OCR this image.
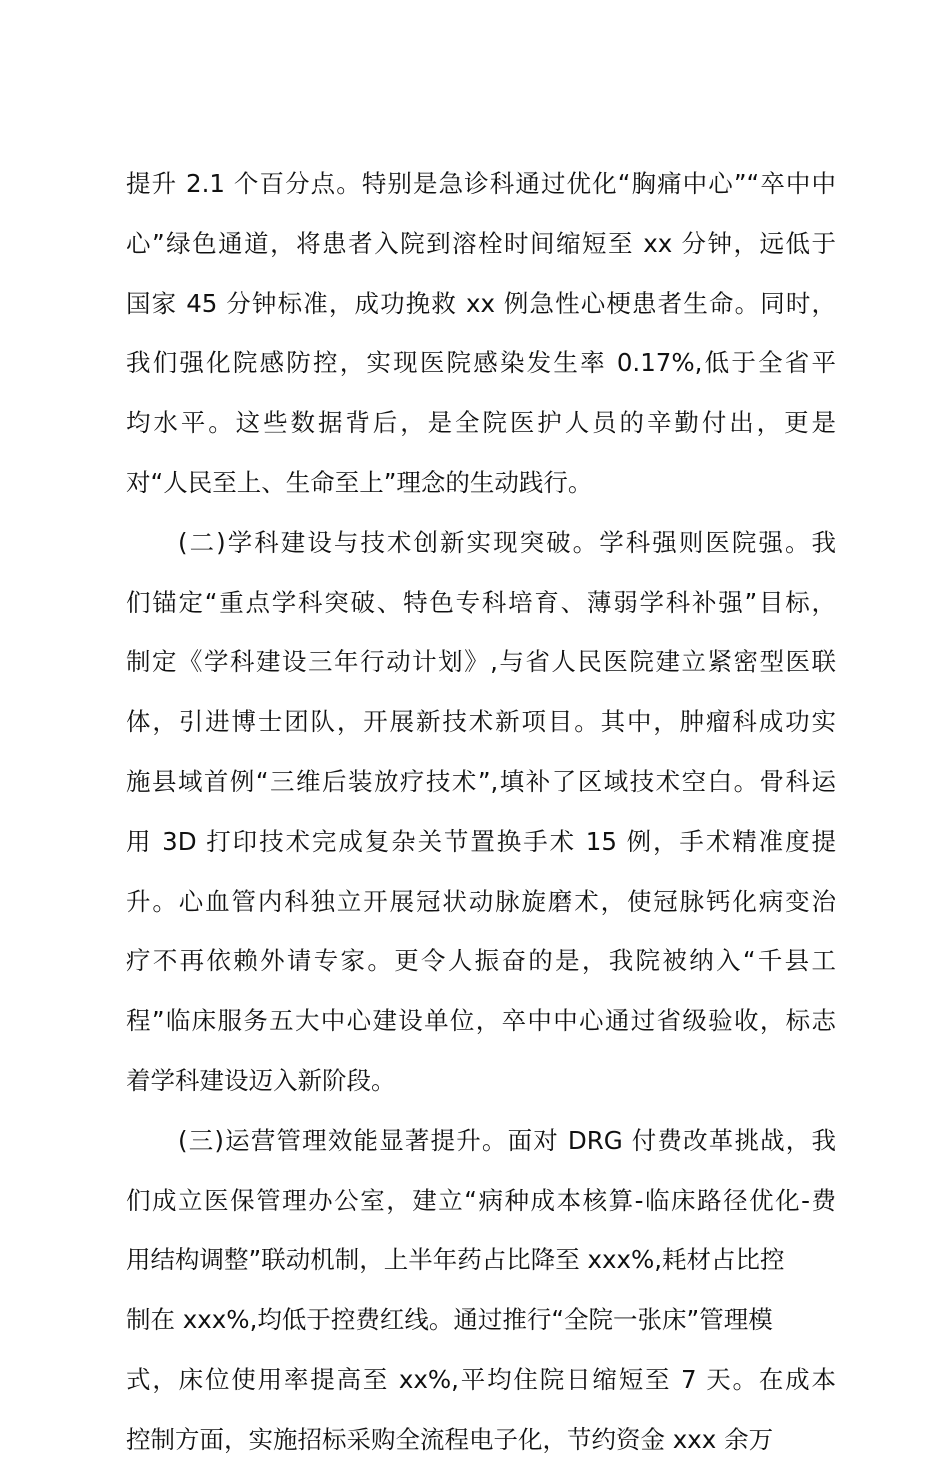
提升 2.1 个百分点。特别是急诊科通过优化“胸痛中心”“卒中中
心”绿色通道，将患者入院到溶栓时间缩短至 xx 分钟，远低于
国家 45 分钟标准，成功挽救 xx 例急性心梗患者生命。同时，
我们强化院感防控，实现医院感染发生率 0.17%,低于全省平
均水平。这些数据背后，是全院医护人员的辛勤付出，更是
对“人民至上、生命至上”理念的生动践行。
(二)学科建设与技术创新实现突破。学科强则医院强。我
们锚定“重点学科突破、特色专科培育、薄弱学科补强”目标，
制定《学科建设三年行动计划》,与省人民医院建立紧密型医联
体，引进博士团队，开展新技术新项目。其中，肿瘤科成功实
施县域首例“三维后装放疗技术”,填补了区域技术空白。骨科运
用 3D 打印技术完成复杂关节置换手术 15 例，手术精准度提
升。心血管内科独立开展冠状动脉旋磨术，使冠脉钙化病变治
疗不再依赖外请专家。更令人振奋的是，我院被纳入“千县工
程”临床服务五大中心建设单位，卒中中心通过省级验收，标志
着学科建设迈入新阶段。
(三)运营管理效能显著提升。面对 DRG 付费改革挑战，我
们成立医保管理办公室，建立“病种成本核算-临床路径优化-费
用结构调整”联动机制，上半年药占比降至 xxx%,耗材占比控
制在 xxx%,均低于控费红线。通过推行“全院一张床”管理模
式，床位使用率提高至 xx%,平均住院日缩短至 7 天。在成本
控制方面，实施招标采购全流程电子化，节约资金 xxx 余万
